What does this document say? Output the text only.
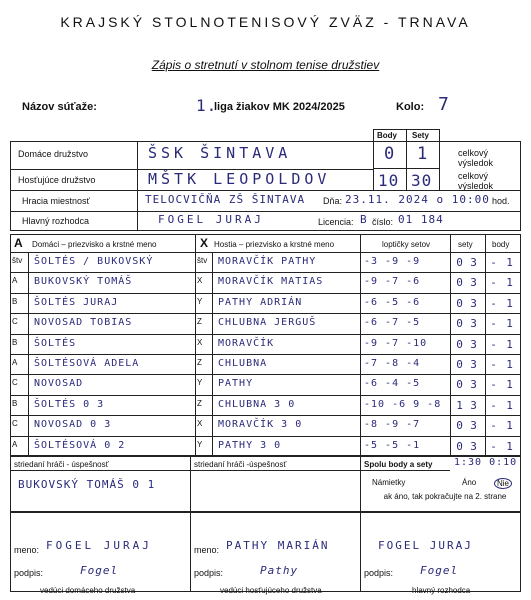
KRAJSKÝ STOLNOTENISOVÝ ZVÄZ - TRNAVA
Zápis o stretnutí v stolnom tenise družstiev
Názov súťaže:	1.
liga žiakov MK 2024/2025	Kolo: 7
Body Sety
Domáce družstvo	ŠSK ŠINTAVA	0 1	celkový výsledok
Hosťujúce družstvo	MŠTK LEOPOLDOV	10 30	celkový výsledok
Hracia miestnosť	TELOCVIČŇA ZŠ ŠINTAVA Dňa: 23.11. 2024 o 10:00 hod.
Hlavný rozhodca	FOGEL JURAJ	Licencia: B číslo: 01 184
A Domáci – priezvisko a krstné meno	X Hostia – priezvisko a krstné meno	loptičky setov	sety body
štv	ŠOLTÉS / BUKOVSKÝ	štv	MORAVČÍK PATHY	-3 -9 -9	0 3 - 1
A	BUKOVSKÝ TOMÁŠ	X	MORAVČÍK MATIAS	-9 -7 -6	0 3 - 1
B	ŠOLTÉS JURAJ	Y	PATHY ADRIÁN	-6 -5 -6	0 3 - 1
C	NOVOSAD TOBIAS	Z	CHLUBNA JERGUŠ	-6 -7 -5	0 3 - 1
B	ŠOLTÉS	X	MORAVČÍK	-9 -7 -10	0 3 - 1
A	ŠOLTÉSOVÁ ADELA	Z	CHLUBNA	-7 -8 -4	0 3 - 1
C	NOVOSAD	Y	PATHY	-6 -4 -5	0 3 - 1
B	ŠOLTÉS 0 3	Z	CHLUBNA 3 0	-10 -6 9 -8	1 3 - 1
C	NOVOSAD 0 3	X	MORAVČÍK 3 0	-8 -9 -7	0 3 - 1
A	ŠOLTÉSOVÁ 0 2	Y	PATHY 3 0	-5 -5 -1	0 3 - 1
striedaní hráči - úspešnosť	striedaní hráči -úspešnosť
BUKOVSKÝ TOMÁŠ 0 1
Spolu body a sety 1:30 0:10
Námietky	Áno	Nie
ak áno, tak pokračujte na 2. strane
meno: FOGEL JURAJ
podpis:	Fogel
vedúci domáceho družstva
meno: PATHY MARIÁN
podpis:	Pathy
vedúci hosťujúceho družstva
FOGEL JURAJ
podpis: Fogel
hlavný rozhodca
